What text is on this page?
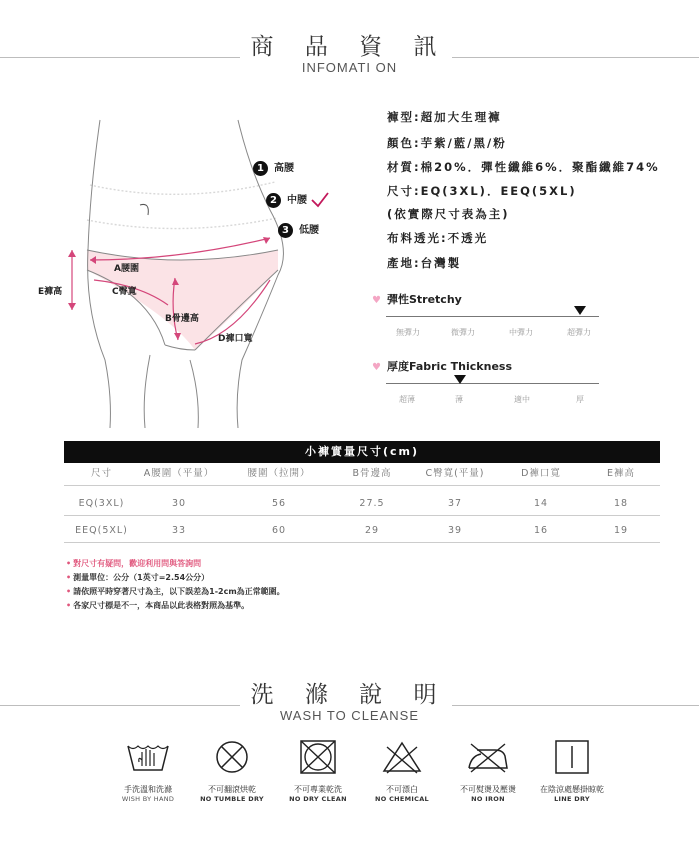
商 品 資 訊
INFOMATI ON
A腰圍
C臀寬
B骨邊高
D褲口寬
E褲高
1 高腰
2 中腰
3 低腰
褲型:超加大生理褲
顏色:芋紫/藍/黑/粉
材質:棉20%．彈性纖維6%．聚酯纖維74%
尺寸:EQ(3XL)．EEQ(5XL)
(依實際尺寸表為主)
布料透光:不透光
產地:台灣製
♥ 彈性Stretchy
無彈力	微彈力	中彈力	超彈力
♥ 厚度Fabric Thickness
超薄	薄	適中	厚
小褲實量尺寸(cm)
尺寸	A腰圍（平量）	腰圍（拉開）	B骨邊高	C臀寬(平量)	D褲口寬	E褲高
EQ(3XL)	30	56	27.5	37	14	18
EEQ(5XL)	33	60	29	39	16	19
• 對尺寸有疑問，歡迎利用問與答詢問
• 測量單位：公分（1英寸=2.54公分）
• 請依照平時穿著尺寸為主，以下誤差為1-2cm為正常範圍。
• 各家尺寸標是不一，本商品以此表格對照為基準。
洗 滌 說 明
WASH TO CLEANSE
手洗溫和洗滌
WISH BY HAND
不可翻滾烘乾
NO TUMBLE DRY
不可專業乾洗
NO DRY CLEAN
不可漂白
NO CHEMICAL
不可熨燙及壓燙
NO IRON
在陰涼處懸掛晾乾
LINE DRY
